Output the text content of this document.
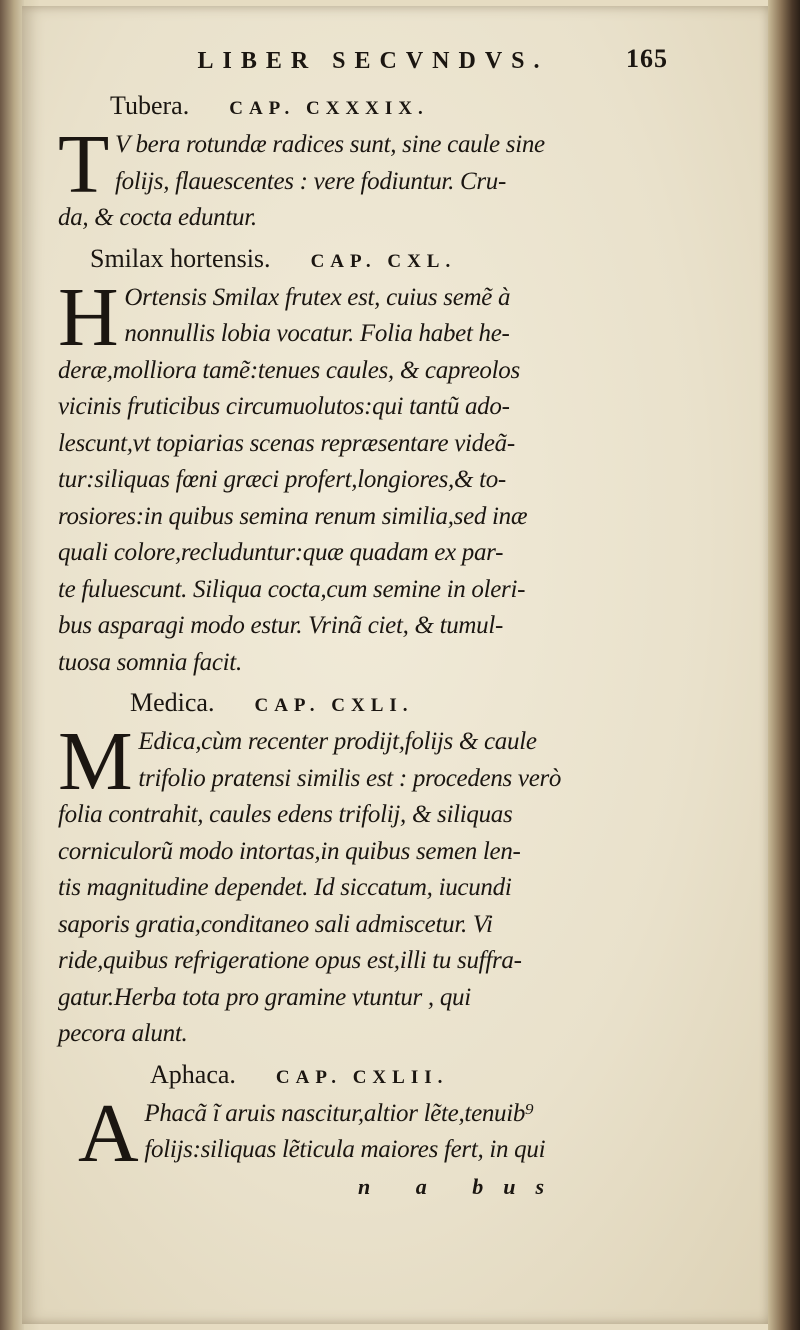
LIBER SECVNDVS.	165
Tubera. CAP. CXXXIX.
T V bera rotundæ radices sunt, sine caule sine
folijs, flauescentes : vere fodiuntur. Cru-
da, & cocta eduntur.
Smilax hortensis. CAP. CXL.
H Ortensis Smilax frutex est, cuius semẽ à
nonnullis lobia vocatur. Folia habet he-
deræ,molliora tamẽ:tenues caules, & capreolos
vicinis fruticibus circumuolutos:qui tantũ ado-
lescunt,vt topiarias scenas repræsentare videã-
tur:siliquas fœni græci profert,longiores,& to-
rosiores:in quibus semina renum similia,sed inæ
quali colore,recluduntur:quæ quadam ex par-
te fuluescunt. Siliqua cocta,cum semine in oleri-
bus asparagi modo estur. Vrinã ciet, & tumul-
tuosa somnia facit.
Medica. CAP. CXLI.
M Edica,cùm recenter prodijt,folijs & caule
trifolio pratensi similis est : procedens verò
folia contrahit, caules edens trifolij, & siliquas
corniculorũ modo intortas,in quibus semen len-
tis magnitudine dependet. Id siccatum, iucundi
saporis gratia,conditaneo sali admiscetur. Vi
ride,quibus refrigeratione opus est,illi tu suffra-
gatur.Herba tota pro gramine vtuntur , qui
pecora alunt.
Aphaca. CAP. CXLII.
A Phacã ĩ aruis nascitur,altior lẽte,tenuib⁹
folijs:siliquas lẽticula maiores fert, in qui
n a bus
